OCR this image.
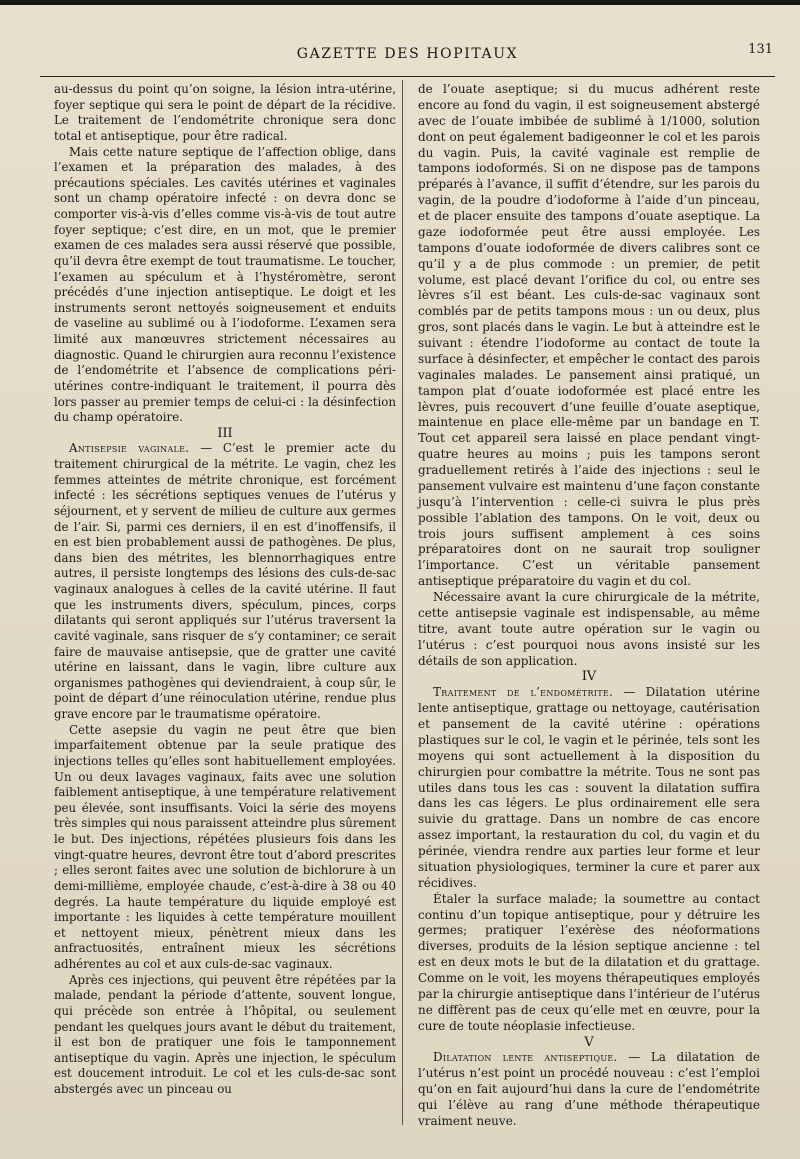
GAZETTE DES HOPITAUX	131

au-dessus du point qu’on soigne, la lésion intra-utérine, foyer septique qui sera le point de départ de la récidive. Le traitement de l’endométrite chronique sera donc total et antiseptique, pour être radical.

Mais cette nature septique de l’affection oblige, dans l’examen et la préparation des malades, à des précautions spéciales. Les cavités utérines et vaginales sont un champ opératoire infecté : on devra donc se comporter vis-à-vis d’elles comme vis-à-vis de tout autre foyer septique; c’est dire, en un mot, que le premier examen de ces malades sera aussi réservé que possible, qu’il devra être exempt de tout traumatisme. Le toucher, l’examen au spéculum et à l’hystéromètre, seront précédés d’une injection antiseptique. Le doigt et les instruments seront nettoyés soigneusement et enduits de vaseline au sublimé ou à l’iodoforme. L’examen sera limité aux manœuvres strictement nécessaires au diagnostic. Quand le chirurgien aura reconnu l’existence de l’endométrite et l’absence de complications péri-utérines contre-indiquant le traitement, il pourra dès lors passer au premier temps de celui-ci : la désinfection du champ opératoire.

III

Antisepsie vaginale. — C’est le premier acte du traitement chirurgical de la métrite. Le vagin, chez les femmes atteintes de métrite chronique, est forcément infecté : les sécrétions septiques venues de l’utérus y séjournent, et y servent de milieu de culture aux germes de l’air. Si, parmi ces derniers, il en est d’inoffensifs, il en est bien probablement aussi de pathogènes. De plus, dans bien des métrites, les blennorrhagiques entre autres, il persiste longtemps des lésions des culs-de-sac vaginaux analogues à celles de la cavité utérine. Il faut que les instruments divers, spéculum, pinces, corps dilatants qui seront appliqués sur l’utérus traversent la cavité vaginale, sans risquer de s’y contaminer; ce serait faire de mauvaise antisepsie, que de gratter une cavité utérine en laissant, dans le vagin, libre culture aux organismes pathogènes qui deviendraient, à coup sûr, le point de départ d’une réinoculation utérine, rendue plus grave encore par le traumatisme opératoire.

Cette asepsie du vagin ne peut être que bien imparfaitement obtenue par la seule pratique des injections telles qu’elles sont habituellement employées. Un ou deux lavages vaginaux, faits avec une solution faiblement antiseptique, à une température relativement peu élevée, sont insuffisants. Voici la série des moyens très simples qui nous paraissent atteindre plus sûrement le but. Des injections, répétées plusieurs fois dans les vingt-quatre heures, devront être tout d’abord prescrites ; elles seront faites avec une solution de bichlorure à un demi-millième, employée chaude, c’est-à-dire à 38 ou 40 degrés. La haute température du liquide employé est importante : les liquides à cette température mouillent et nettoyent mieux, pénètrent mieux dans les anfractuosités, entraînent mieux les sécrétions adhérentes au col et aux culs-de-sac vaginaux.

Après ces injections, qui peuvent être répétées par la malade, pendant la période d’attente, souvent longue, qui précède son entrée à l’hôpital, ou seulement pendant les quelques jours avant le début du traitement, il est bon de pratiquer une fois le tamponnement antiseptique du vagin. Après une injection, le spéculum est doucement introduit. Le col et les culs-de-sac sont abstergés avec un pinceau ou

de l’ouate aseptique; si du mucus adhérent reste encore au fond du vagin, il est soigneusement abstergé avec de l’ouate imbibée de sublimé à 1/1000, solution dont on peut également badigeonner le col et les parois du vagin. Puis, la cavité vaginale est remplie de tampons iodoformés. Si on ne dispose pas de tampons préparés à l’avance, il suffit d’étendre, sur les parois du vagin, de la poudre d’iodoforme à l’aide d’un pinceau, et de placer ensuite des tampons d’ouate aseptique. La gaze iodoformée peut être aussi employée. Les tampons d’ouate iodoformée de divers calibres sont ce qu’il y a de plus commode : un premier, de petit volume, est placé devant l’orifice du col, ou entre ses lèvres s’il est béant. Les culs-de-sac vaginaux sont comblés par de petits tampons mous : un ou deux, plus gros, sont placés dans le vagin. Le but à atteindre est le suivant : étendre l’iodoforme au contact de toute la surface à désinfecter, et empêcher le contact des parois vaginales malades. Le pansement ainsi pratiqué, un tampon plat d’ouate iodoformée est placé entre les lèvres, puis recouvert d’une feuille d’ouate aseptique, maintenue en place elle-même par un bandage en T. Tout cet appareil sera laissé en place pendant vingt-quatre heures au moins ; puis les tampons seront graduellement retirés à l’aide des injections : seul le pansement vulvaire est maintenu d’une façon constante jusqu’à l’intervention : celle-ci suivra le plus près possible l’ablation des tampons. On le voit, deux ou trois jours suffisent amplement à ces soins préparatoires dont on ne saurait trop souligner l’importance. C’est un véritable pansement antiseptique préparatoire du vagin et du col.

Nécessaire avant la cure chirurgicale de la métrite, cette antisepsie vaginale est indispensable, au même titre, avant toute autre opération sur le vagin ou l’utérus : c’est pourquoi nous avons insisté sur les détails de son application.

IV

Traitement de l’endométrite. — Dilatation utérine lente antiseptique, grattage ou nettoyage, cautérisation et pansement de la cavité utérine : opérations plastiques sur le col, le vagin et le périnée, tels sont les moyens qui sont actuellement à la disposition du chirurgien pour combattre la métrite. Tous ne sont pas utiles dans tous les cas : souvent la dilatation suffira dans les cas légers. Le plus ordinairement elle sera suivie du grattage. Dans un nombre de cas encore assez important, la restauration du col, du vagin et du périnée, viendra rendre aux parties leur forme et leur situation physiologiques, terminer la cure et parer aux récidives.

Étaler la surface malade; la soumettre au contact continu d’un topique antiseptique, pour y détruire les germes; pratiquer l’exérèse des néoformations diverses, produits de la lésion septique ancienne : tel est en deux mots le but de la dilatation et du grattage. Comme on le voit, les moyens thérapeutiques employés par la chirurgie antiseptique dans l’intérieur de l’utérus ne diffèrent pas de ceux qu’elle met en œuvre, pour la cure de toute néoplasie infectieuse.

V

Dilatation lente antiseptique. — La dilatation de l’utérus n’est point un procédé nouveau : c’est l’emploi qu’on en fait aujourd’hui dans la cure de l’endométrite qui l’élève au rang d’une méthode thérapeutique vraiment neuve.
